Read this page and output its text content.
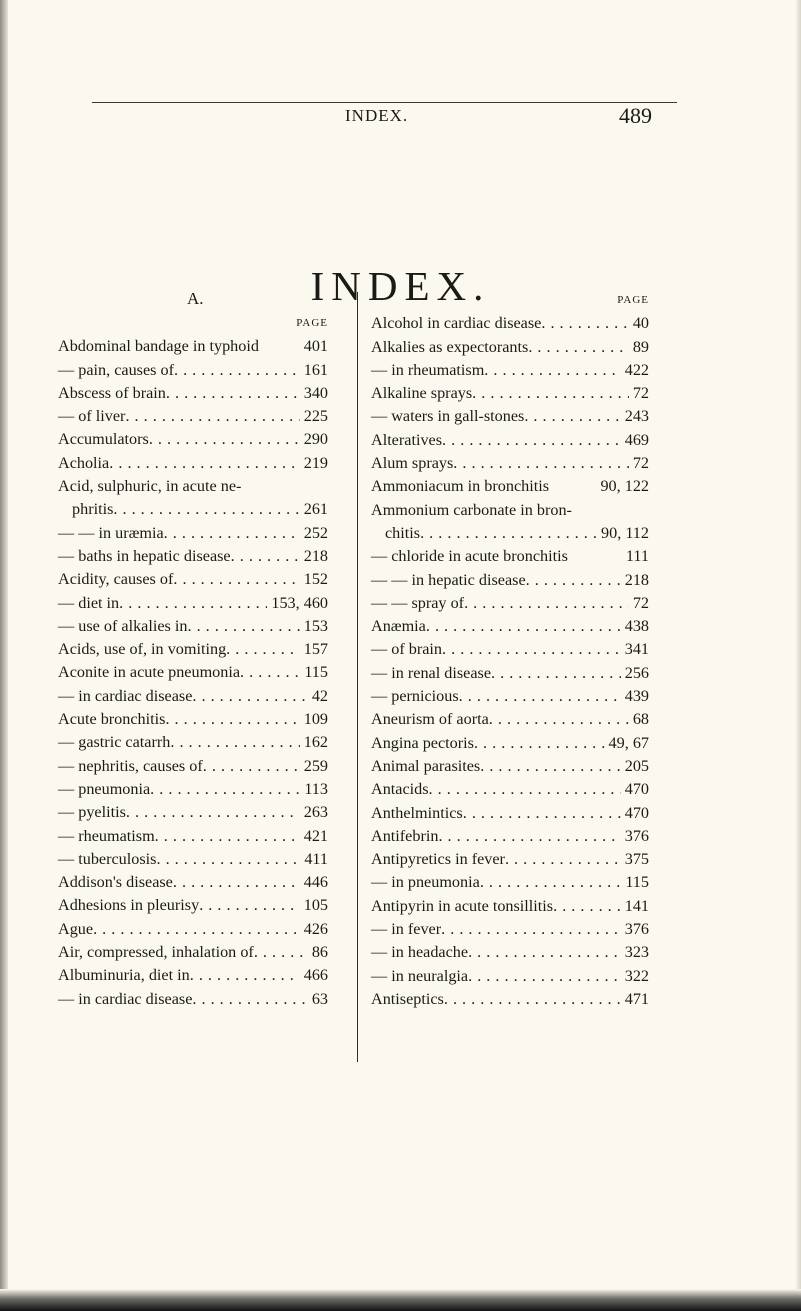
INDEX.	489
INDEX.
A.
PAGE
Abdominal bandage in typhoid	401
— pain, causes of . . .	161
Abscess of brain . . .	340
— of liver . . .	225
Accumulators . . .	290
Acholia . . .	219
Acid, sulphuric, in acute ne-
phritis . . .	261
— — in uræmia . . .	252
— baths in hepatic disease . . .	218
Acidity, causes of . . .	152
— diet in . . .	153, 460
— use of alkalies in . . .	153
Acids, use of, in vomiting . . .	157
Aconite in acute pneumonia . . .	115
— in cardiac disease . . .	42
Acute bronchitis . . .	109
— gastric catarrh . . .	162
— nephritis, causes of . . .	259
— pneumonia . . .	113
— pyelitis . . .	263
— rheumatism . . .	421
— tuberculosis . . .	411
Addison's disease . . .	446
Adhesions in pleurisy . . .	105
Ague . . .	426
Air, compressed, inhalation of . . .	86
Albuminuria, diet in . . .	466
— in cardiac disease . . .	63
PAGE
Alcohol in cardiac disease . . .	40
Alkalies as expectorants . . .	89
— in rheumatism . . .	422
Alkaline sprays . . .	72
— waters in gall-stones . . .	243
Alteratives . . .	469
Alum sprays . . .	72
Ammoniacum in bronchitis	90, 122
Ammonium carbonate in bron-
chitis . . .	90, 112
— chloride in acute bronchitis	111
— — in hepatic disease . . .	218
— — spray of . . .	72
Anæmia . . .	438
— of brain . . .	341
— in renal disease . . .	256
— pernicious . . .	439
Aneurism of aorta . . .	68
Angina pectoris . . .	49, 67
Animal parasites . . .	205
Antacids . . .	470
Anthelmintics . . .	470
Antifebrin . . .	376
Antipyretics in fever . . .	375
— in pneumonia . . .	115
Antipyrin in acute tonsillitis . . .	141
— in fever . . .	376
— in headache . . .	323
— in neuralgia . . .	322
Antiseptics . . .	471
